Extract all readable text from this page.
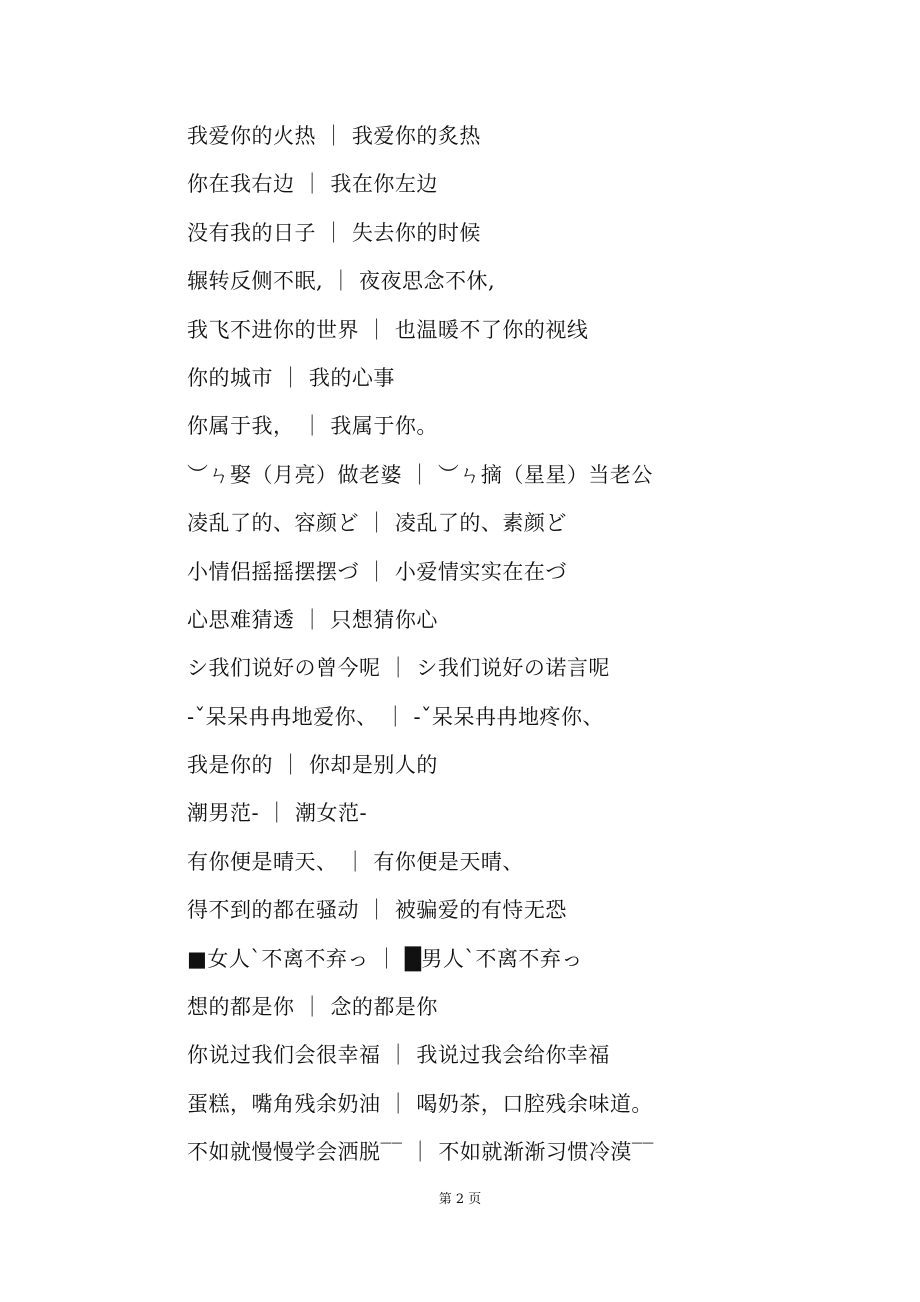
我爱你的火热 ｜ 我爱你的炙热
你在我右边 ｜ 我在你左边
没有我的日子 ｜ 失去你的时候
辗转反侧不眠, ｜ 夜夜思念不休,
我飞不进你的世界 ｜ 也温暖不了你的视线
你的城市 ｜ 我的心事
你属于我， ｜ 我属于你。
︶ㄣ娶（月亮）做老婆 ｜ ︶ㄣ摘（星星）当老公
凌乱了的、容颜ど ｜ 凌乱了的、素颜ど
小情侣摇摇摆摆づ ｜ 小爱情实实在在づ
心思难猜透 ｜ 只想猜你心
シ我们说好の曾今呢 ｜ シ我们说好の诺言呢
-ˇ呆呆冉冉地爱你、 ｜ -ˇ呆呆冉冉地疼你、
我是你的 ｜ 你却是别人的
潮男范- ｜ 潮女范-
有你便是晴天、 ｜ 有你便是天晴、
得不到的都在骚动 ｜ 被骗爱的有恃无恐
■女人`不离不弃っ ｜ █男人`不离不弃っ
想的都是你 ｜ 念的都是你
你说过我们会很幸福 ｜ 我说过我会给你幸福
蛋糕，嘴角残余奶油 ｜ 喝奶茶，口腔残余味道。
不如就慢慢学会洒脱‾‾ ｜ 不如就渐渐习惯冷漠‾‾
第 2 页
